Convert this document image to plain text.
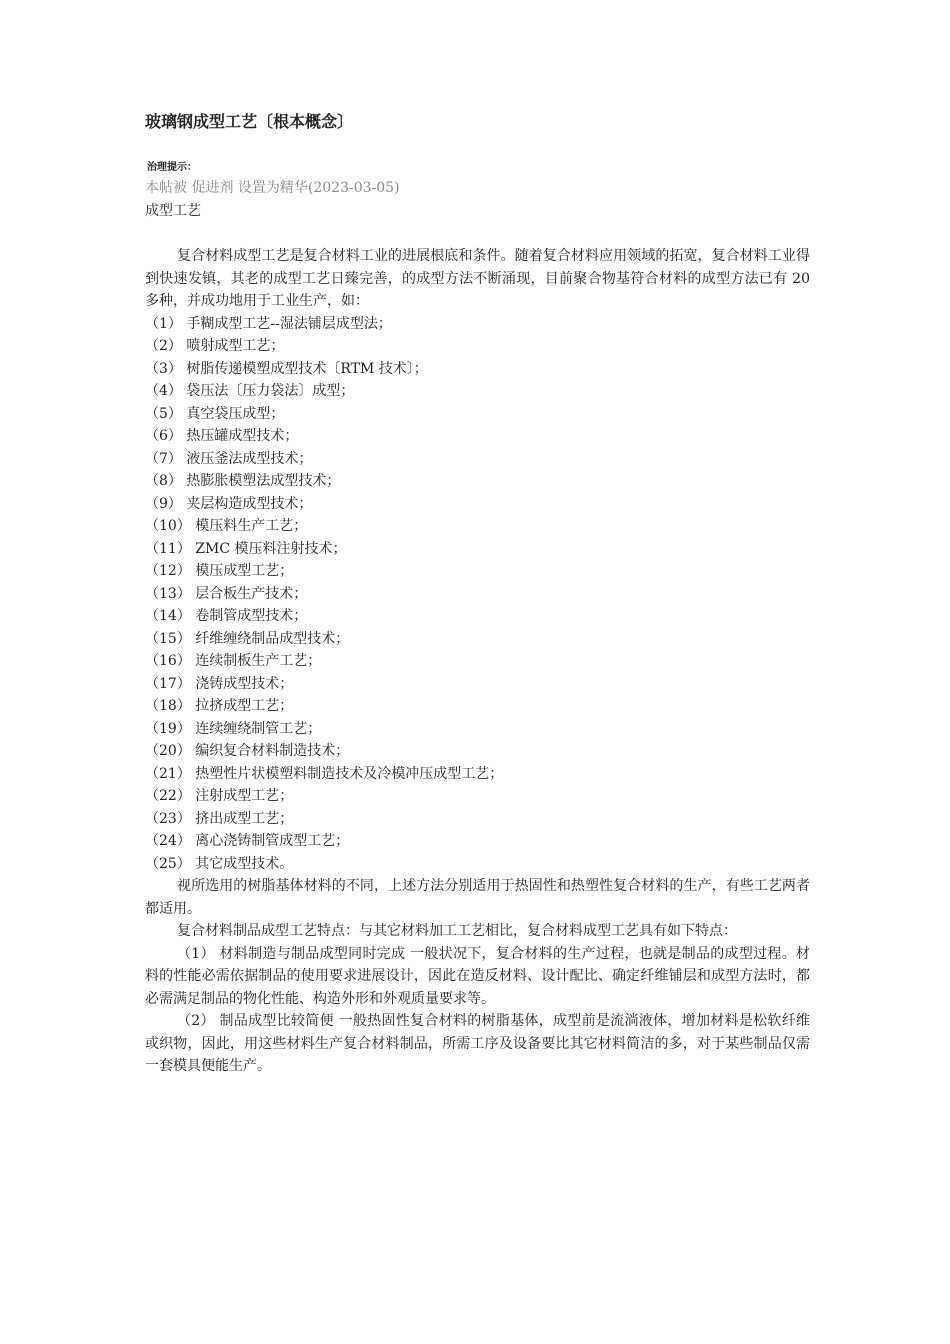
玻璃钢成型工艺〔根本概念〕
治理提示：
本帖被 促进剂 设置为精华(2023-03-05)
成型工艺

复合材料成型工艺是复合材料工业的进展根底和条件。随着复合材料应用领域的拓宽，复合材料工业得到快速发镇，其老的成型工艺日臻完善，的成型方法不断涌现，目前聚合物基符合材料的成型方法已有 20 多种，并成功地用于工业生产，如：

（1） 手糊成型工艺--湿法铺层成型法；
（2） 喷射成型工艺；
（3） 树脂传递模塑成型技术〔RTM 技术〕；
（4） 袋压法〔压力袋法〕成型；
（5） 真空袋压成型；
（6） 热压罐成型技术；
（7） 液压釜法成型技术；
（8） 热膨胀模塑法成型技术；
（9） 夹层构造成型技术；
（10） 模压料生产工艺；
（11） ZMC 模压料注射技术；
（12） 模压成型工艺；
（13） 层合板生产技术；
（14） 卷制管成型技术；
（15） 纤维缠绕制品成型技术；
（16） 连续制板生产工艺；
（17） 浇铸成型技术；
（18） 拉挤成型工艺；
（19） 连续缠绕制管工艺；
（20） 编织复合材料制造技术；
（21） 热塑性片状模塑料制造技术及冷模冲压成型工艺；
（22） 注射成型工艺；
（23） 挤出成型工艺；
（24） 离心浇铸制管成型工艺；
（25） 其它成型技术。

视所选用的树脂基体材料的不同，上述方法分别适用于热固性和热塑性复合材料的生产，有些工艺两者都适用。

复合材料制品成型工艺特点：与其它材料加工工艺相比，复合材料成型工艺具有如下特点：

（1） 材料制造与制品成型同时完成 一般状况下，复合材料的生产过程，也就是制品的成型过程。材料的性能必需依据制品的使用要求进展设计，因此在造反材料、设计配比、确定纤维铺层和成型方法时，都必需满足制品的物化性能、构造外形和外观质量要求等。

（2） 制品成型比较简便 一般热固性复合材料的树脂基体，成型前是流淌液体，增加材料是松软纤维或织物，因此，用这些材料生产复合材料制品，所需工序及设备要比其它材料简洁的多，对于某些制品仅需一套模具便能生产。
